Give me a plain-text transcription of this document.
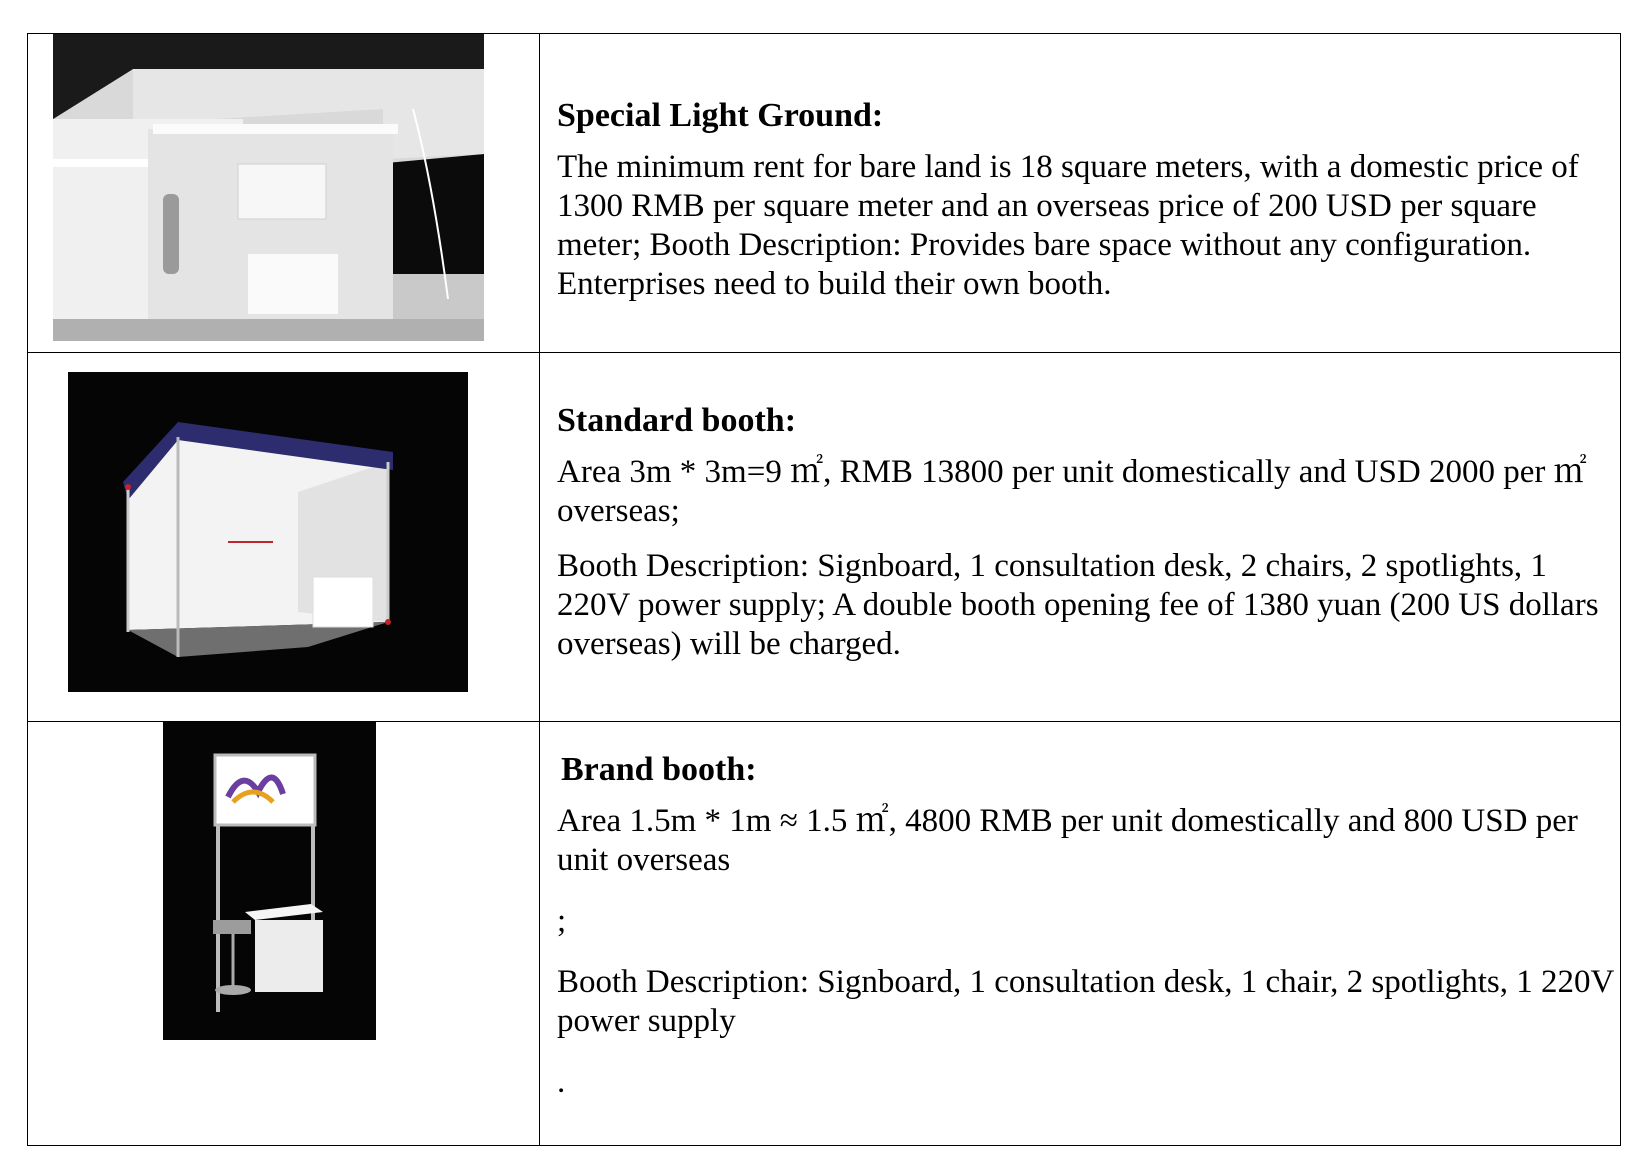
Special Light Ground:

The minimum rent for bare land is 18 square meters, with a domestic price of 1300 RMB per square meter and an overseas price of 200 USD per square meter; Booth Description: Provides bare space without any configuration. Enterprises need to build their own booth.

Standard booth:

Area 3m * 3m=9 ㎡, RMB 13800 per unit domestically and USD 2000 per ㎡ overseas;

Booth Description: Signboard, 1 consultation desk, 2 chairs, 2 spotlights, 1 220V power supply; A double booth opening fee of 1380 yuan (200 US dollars overseas) will be charged.

Brand booth:

Area 1.5m * 1m ≈ 1.5 ㎡, 4800 RMB per unit domestically and 800 USD per unit overseas

;

Booth Description: Signboard, 1 consultation desk, 1 chair, 2 spotlights, 1 220V power supply

.
